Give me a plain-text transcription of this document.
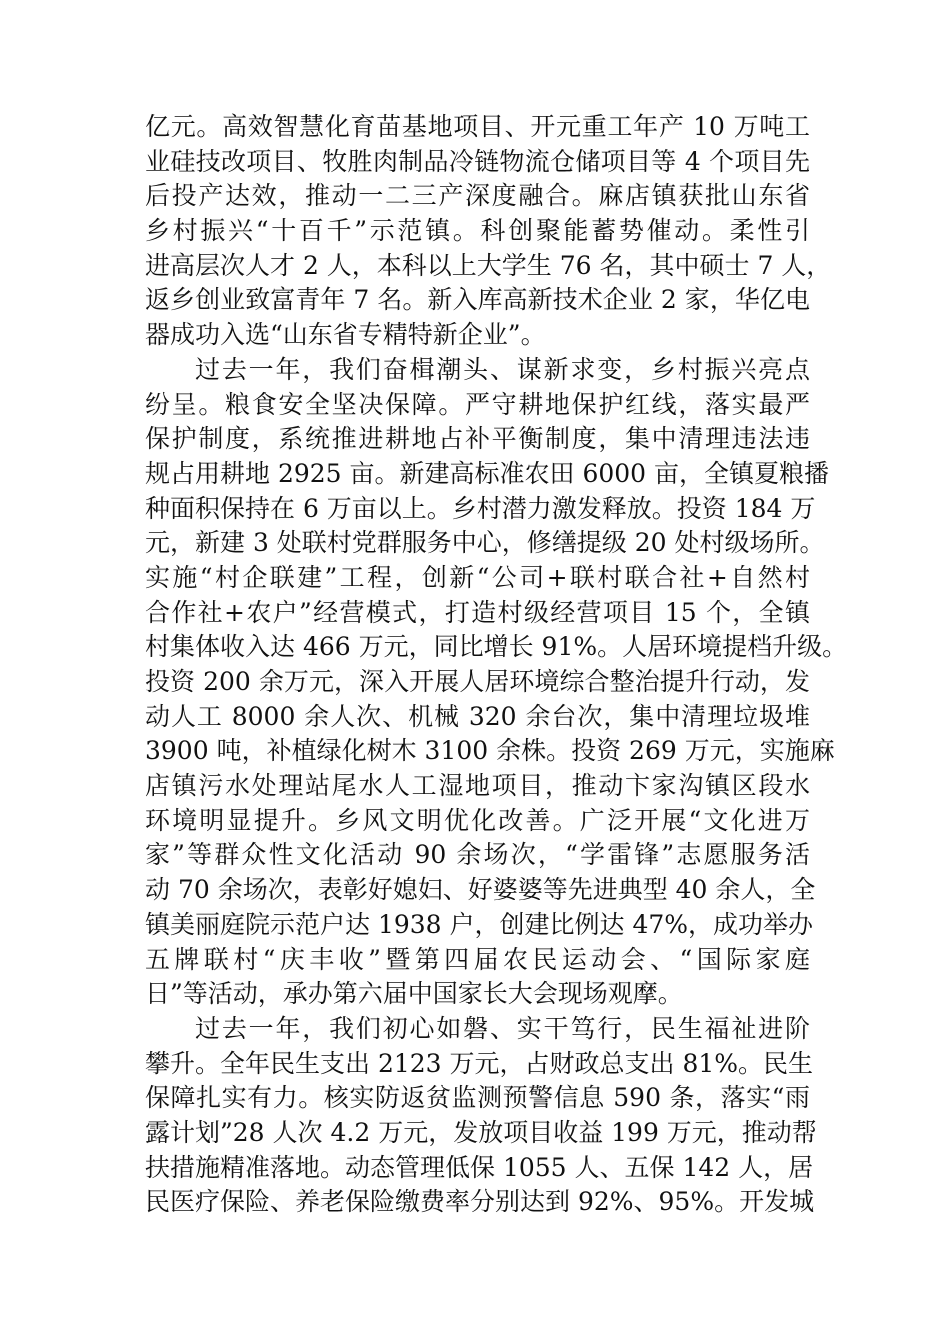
亿元。高效智慧化育苗基地项目、开元重工年产 10 万吨工
业硅技改项目、牧胜肉制品冷链物流仓储项目等 4 个项目先
后投产达效，推动一二三产深度融合。麻店镇获批山东省
乡村振兴“十百千”示范镇。科创聚能蓄势催动。柔性引
进高层次人才 2 人，本科以上大学生 76 名，其中硕士 7 人，
返乡创业致富青年 7 名。新入库高新技术企业 2 家，华亿电
器成功入选“山东省专精特新企业”。
过去一年，我们奋楫潮头、谋新求变，乡村振兴亮点
纷呈。粮食安全坚决保障。严守耕地保护红线，落实最严
保护制度，系统推进耕地占补平衡制度，集中清理违法违
规占用耕地 2925 亩。新建高标准农田 6000 亩，全镇夏粮播
种面积保持在 6 万亩以上。乡村潜力激发释放。投资 184 万
元，新建 3 处联村党群服务中心，修缮提级 20 处村级场所。
实施“村企联建”工程，创新“公司+联村联合社+自然村
合作社+农户”经营模式，打造村级经营项目 15 个，全镇
村集体收入达 466 万元，同比增长 91%。人居环境提档升级。
投资 200 余万元，深入开展人居环境综合整治提升行动，发
动人工 8000 余人次、机械 320 余台次，集中清理垃圾堆
3900 吨，补植绿化树木 3100 余株。投资 269 万元，实施麻
店镇污水处理站尾水人工湿地项目，推动卞家沟镇区段水
环境明显提升。乡风文明优化改善。广泛开展“文化进万
家”等群众性文化活动 90 余场次，“学雷锋”志愿服务活
动 70 余场次，表彰好媳妇、好婆婆等先进典型 40 余人，全
镇美丽庭院示范户达 1938 户，创建比例达 47%，成功举办
五牌联村“庆丰收”暨第四届农民运动会、“国际家庭
日”等活动，承办第六届中国家长大会现场观摩。
过去一年，我们初心如磐、实干笃行，民生福祉进阶
攀升。全年民生支出 2123 万元，占财政总支出 81%。民生
保障扎实有力。核实防返贫监测预警信息 590 条，落实“雨
露计划”28 人次 4.2 万元，发放项目收益 199 万元，推动帮
扶措施精准落地。动态管理低保 1055 人、五保 142 人，居
民医疗保险、养老保险缴费率分别达到 92%、95%。开发城
